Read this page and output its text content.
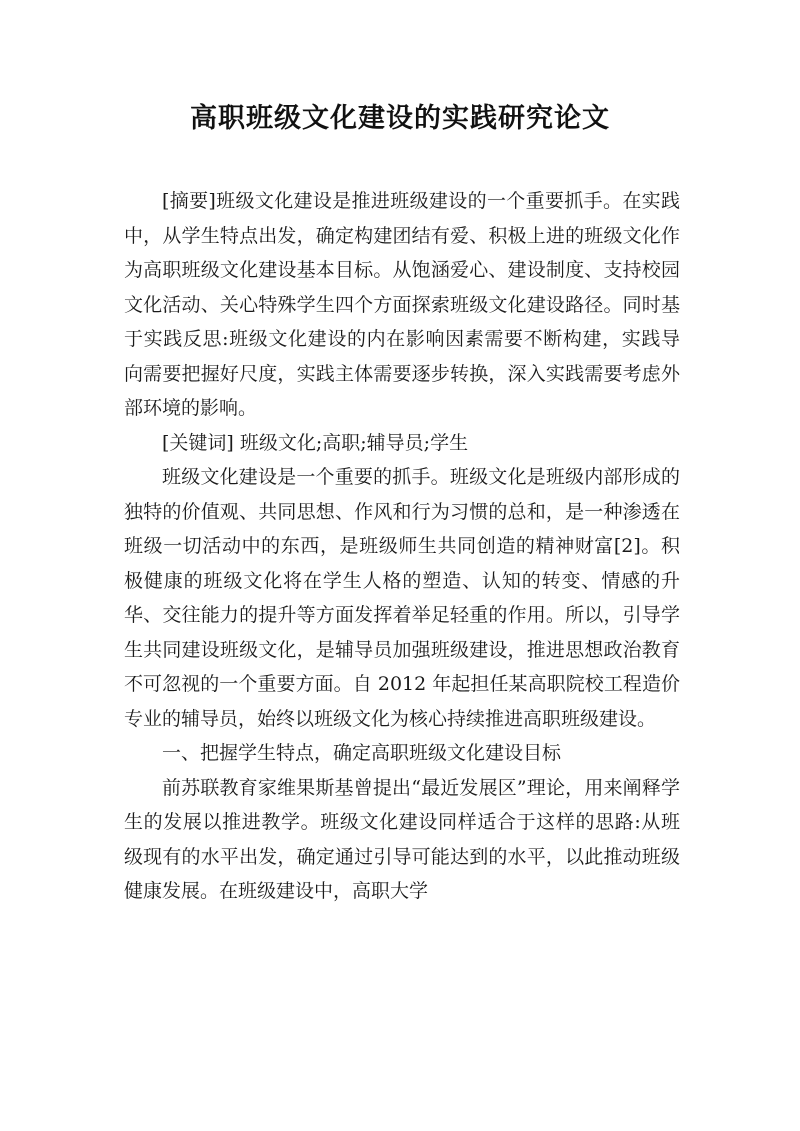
高职班级文化建设的实践研究论文

[摘要]班级文化建设是推进班级建设的一个重要抓手。在实践中，从学生特点出发，确定构建团结有爱、积极上进的班级文化作为高职班级文化建设基本目标。从饱涵爱心、建设制度、支持校园文化活动、关心特殊学生四个方面探索班级文化建设路径。同时基于实践反思:班级文化建设的内在影响因素需要不断构建，实践导向需要把握好尺度，实践主体需要逐步转换，深入实践需要考虑外部环境的影响。

[关键词] 班级文化;高职;辅导员;学生

班级文化建设是一个重要的抓手。班级文化是班级内部形成的独特的价值观、共同思想、作风和行为习惯的总和，是一种渗透在班级一切活动中的东西，是班级师生共同创造的精神财富[2]。积极健康的班级文化将在学生人格的塑造、认知的转变、情感的升华、交往能力的提升等方面发挥着举足轻重的作用。所以，引导学生共同建设班级文化，是辅导员加强班级建设，推进思想政治教育不可忽视的一个重要方面。自 2012 年起担任某高职院校工程造价专业的辅导员，始终以班级文化为核心持续推进高职班级建设。

一、把握学生特点，确定高职班级文化建设目标

前苏联教育家维果斯基曾提出“最近发展区”理论，用来阐释学生的发展以推进教学。班级文化建设同样适合于这样的思路:从班级现有的水平出发，确定通过引导可能达到的水平，以此推动班级健康发展。在班级建设中，高职大学
